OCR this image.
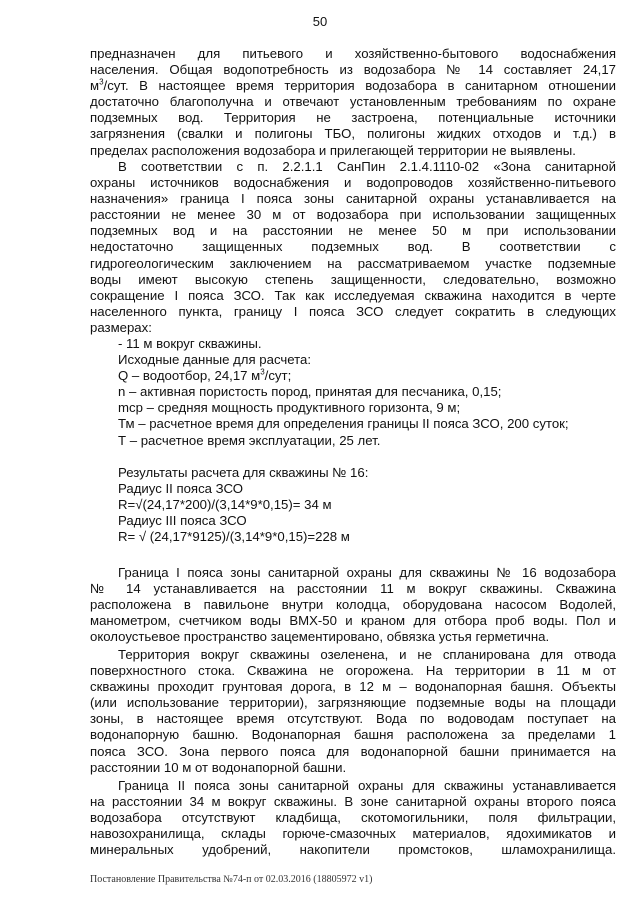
50
предназначен для питьевого и хозяйственно-бытового водоснабжения
населения. Общая водопотребность из водозабора № 14 составляет 24,17
$м^3$/сут. В настоящее время территория водозабора в санитарном отношении
достаточно благополучна и отвечают установленным требованиям по охране
подземных вод. Территория не застроена, потенциальные источники
загрязнения (свалки и полигоны ТБО, полигоны жидких отходов и т.д.) в
пределах расположения водозабора и прилегающей территории не выявлены.
В соответствии с п. 2.2.1.1 СанПин 2.1.4.1110-02 «Зона санитарной
охраны источников водоснабжения и водопроводов хозяйственно-питьевого
назначения» граница I пояса зоны санитарной охраны устанавливается на
расстоянии не менее 30 м от водозабора при использовании защищенных
подземных вод и на расстоянии не менее 50 м при использовании
недостаточно защищенных подземных вод. В соответствии с
гидрогеологическим заключением на рассматриваемом участке подземные
воды имеют высокую степень защищенности, следовательно, возможно
сокращение I пояса ЗСО. Так как исследуемая скважина находится в черте
населенного пункта, границу I пояса ЗСО следует сократить в следующих
размерах:
- 11 м вокруг скважины.
Исходные данные для расчета:
Q – водоотбор, 24,17 $м^3$/сут;
n – активная пористость пород, принятая для песчаника, 0,15;
mср – средняя мощность продуктивного горизонта, 9 м;
Тм – расчетное время для определения границы II пояса ЗСО, 200 суток;
Т – расчетное время эксплуатации, 25 лет.
Результаты расчета для скважины № 16:
Радиус II пояса ЗСО
R=√(24,17*200)/(3,14*9*0,15)= 34 м
Радиус III пояса ЗСО
R= √ (24,17*9125)/(3,14*9*0,15)=228 м
Граница I пояса зоны санитарной охраны для скважины № 16 водозабора
№ 14 устанавливается на расстоянии 11 м вокруг скважины. Скважина
расположена в павильоне внутри колодца, оборудована насосом Водолей,
манометром, счетчиком воды ВМХ-50 и краном для отбора проб воды. Пол и
околоустьевое пространство зацементировано, обвязка устья герметична.
Территория вокруг скважины озеленена, и не спланирована для отвода
поверхностного стока. Скважина не огорожена. На территории в 11 м от
скважины проходит грунтовая дорога, в 12 м – водонапорная башня. Объекты
(или использование территории), загрязняющие подземные воды на площади
зоны, в настоящее время отсутствуют. Вода по водоводам поступает на
водонапорную башню. Водонапорная башня расположена за пределами 1
пояса ЗСО. Зона первого пояса для водонапорной башни принимается на
расстоянии 10 м от водонапорной башни.
Граница II пояса зоны санитарной охраны для скважины устанавливается
на расстоянии 34 м вокруг скважины. В зоне санитарной охраны второго пояса
водозабора отсутствуют кладбища, скотомогильники, поля фильтрации,
навозохранилища, склады горюче-смазочных материалов, ядохимикатов и
минеральных удобрений, накопители промстоков, шламохранилища.
Постановление Правительства №74-п от 02.03.2016 (18805972 v1)
